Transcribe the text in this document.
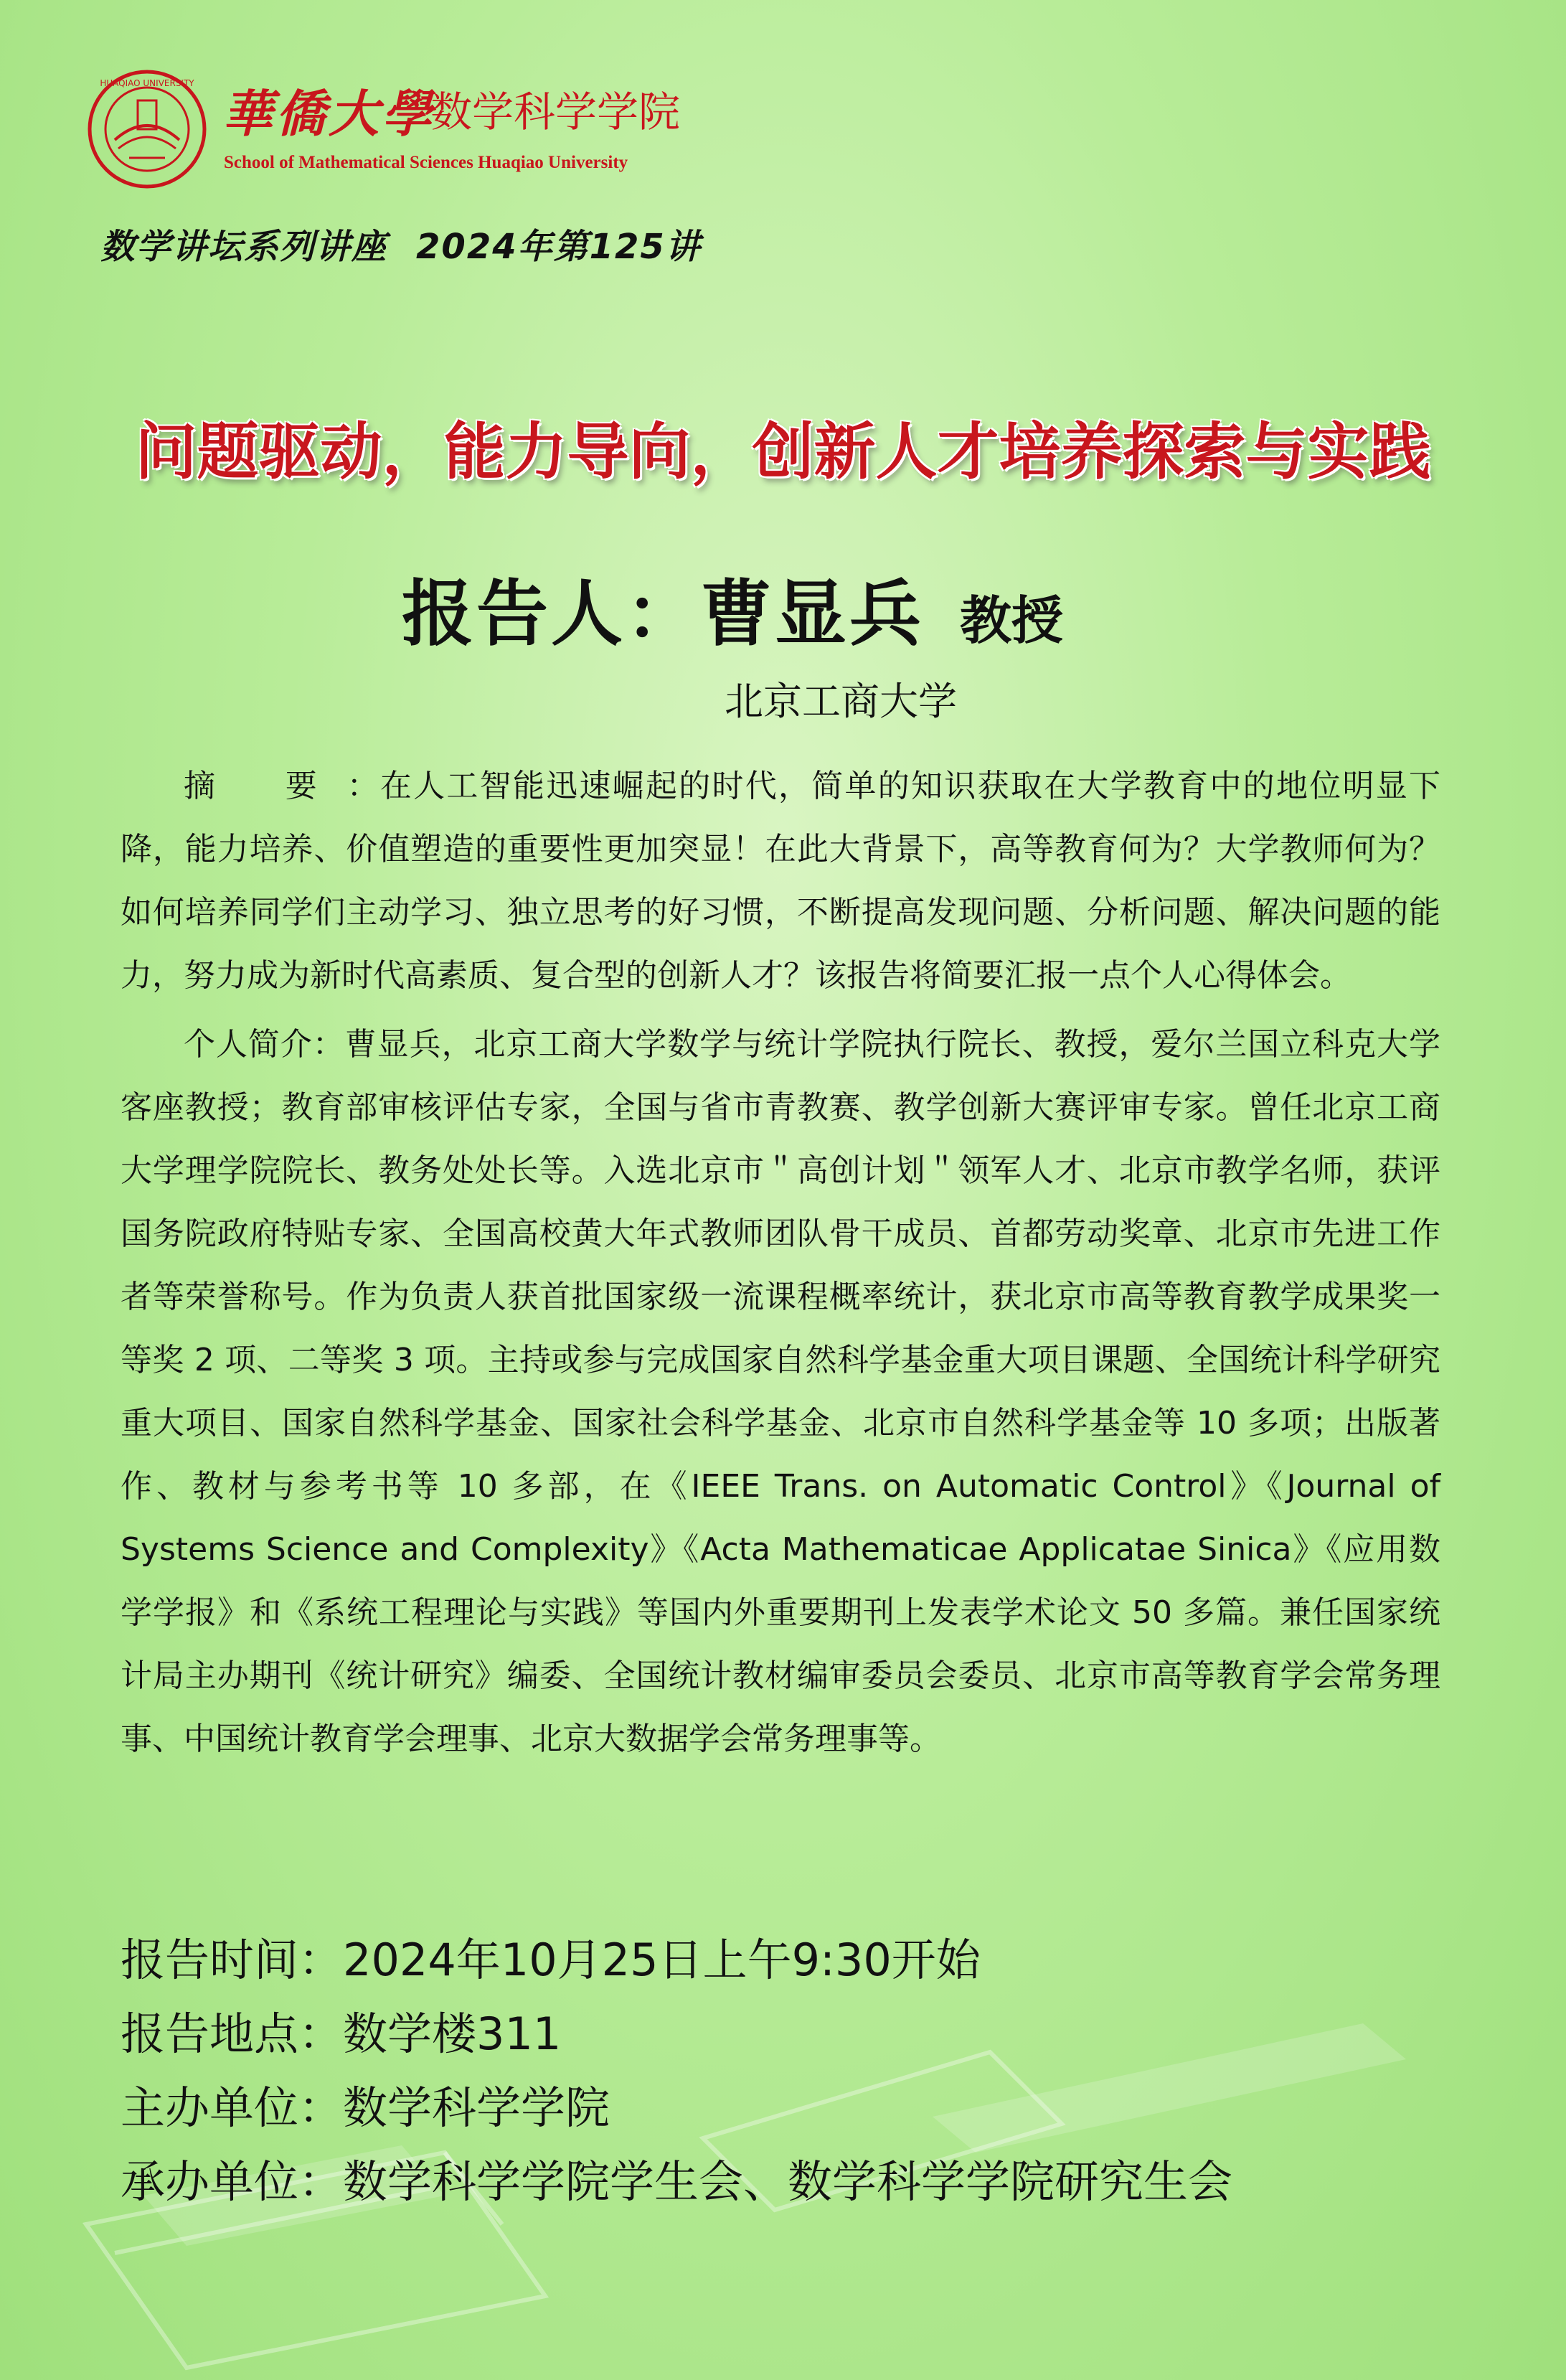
HUAQIAO UNIVERSITY
華僑大學
数学科学学院
School of Mathematical Sciences Huaqiao University
数学讲坛系列讲座 2024年第125讲
问题驱动，能力导向，创新人才培养探索与实践
报告人：曹显兵 教授
北京工商大学

摘 要：在人工智能迅速崛起的时代，简单的知识获取在大学教育中的地位明显下降，能力培养、价值塑造的重要性更加突显！在此大背景下，高等教育何为？大学教师何为？如何培养同学们主动学习、独立思考的好习惯，不断提高发现问题、分析问题、解决问题的能力，努力成为新时代高素质、复合型的创新人才？该报告将简要汇报一点个人心得体会。

个人简介：曹显兵，北京工商大学数学与统计学院执行院长、教授，爱尔兰国立科克大学客座教授；教育部审核评估专家，全国与省市青教赛、教学创新大赛评审专家。曾任北京工商大学理学院院长、教务处处长等。入选北京市＂高创计划＂领军人才、北京市教学名师，获评国务院政府特贴专家、全国高校黄大年式教师团队骨干成员、首都劳动奖章、北京市先进工作者等荣誉称号。作为负责人获首批国家级一流课程概率统计，获北京市高等教育教学成果奖一等奖 2 项、二等奖 3 项。主持或参与完成国家自然科学基金重大项目课题、全国统计科学研究重大项目、国家自然科学基金、国家社会科学基金、北京市自然科学基金等 10 多项；出版著作、教材与参考书等 10 多部，在《IEEE Trans. on Automatic Control》《Journal of Systems Science and Complexity》《Acta Mathematicae Applicatae Sinica》《应用数学学报》和《系统工程理论与实践》等国内外重要期刊上发表学术论文 50 多篇。兼任国家统计局主办期刊《统计研究》编委、全国统计教材编审委员会委员、北京市高等教育学会常务理事、中国统计教育学会理事、北京大数据学会常务理事等。

报告时间：2024年10月25日上午9:30开始
报告地点：数学楼311
主办单位：数学科学学院
承办单位：数学科学学院学生会、数学科学学院研究生会
